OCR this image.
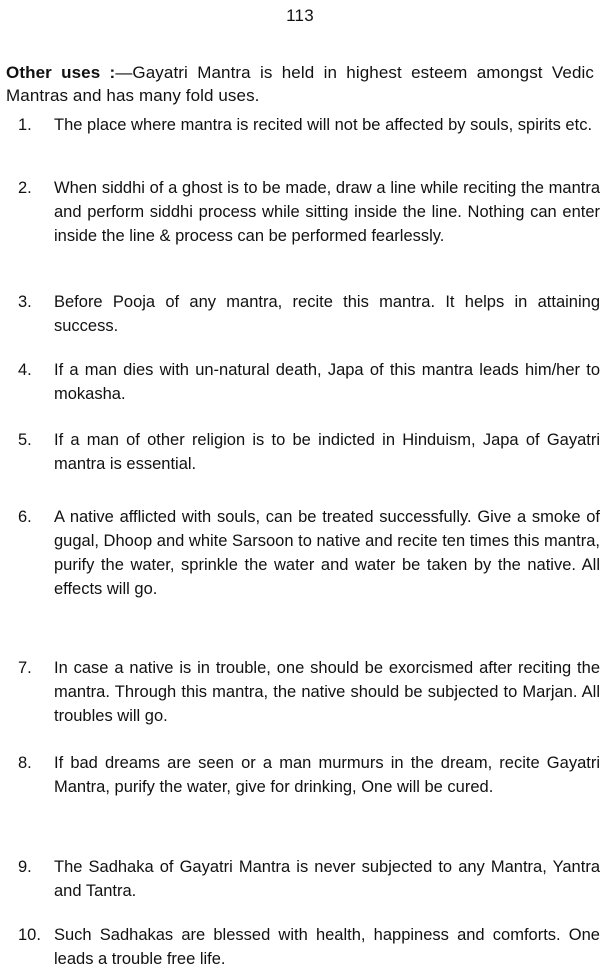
113

Other uses :—Gayatri Mantra is held in highest esteem amongst Vedic Mantras and has many fold uses.

1.	The place where mantra is recited will not be affected by souls, spirits etc.
2.	When siddhi of a ghost is to be made, draw a line while reciting the mantra and perform siddhi process while sitting inside the line. Nothing can enter inside the line & process can be performed fearlessly.
3.	Before Pooja of any mantra, recite this mantra. It helps in attaining success.
4.	If a man dies with un-natural death, Japa of this mantra leads him/her to mokasha.
5.	If a man of other religion is to be indicted in Hinduism, Japa of Gayatri mantra is essential.
6.	A native afflicted with souls, can be treated successfully. Give a smoke of gugal, Dhoop and white Sarsoon to native and recite ten times this mantra, purify the water, sprinkle the water and water be taken by the native. All effects will go.
7.	In case a native is in trouble, one should be exorcismed after reciting the mantra. Through this mantra, the native should be subjected to Marjan. All troubles will go.
8.	If bad dreams are seen or a man murmurs in the dream, recite Gayatri Mantra, purify the water, give for drinking, One will be cured.
9.	The Sadhaka of Gayatri Mantra is never subjected to any Mantra, Yantra and Tantra.
10. Such Sadhakas are blessed with health, happiness and comforts. One leads a trouble free life.
